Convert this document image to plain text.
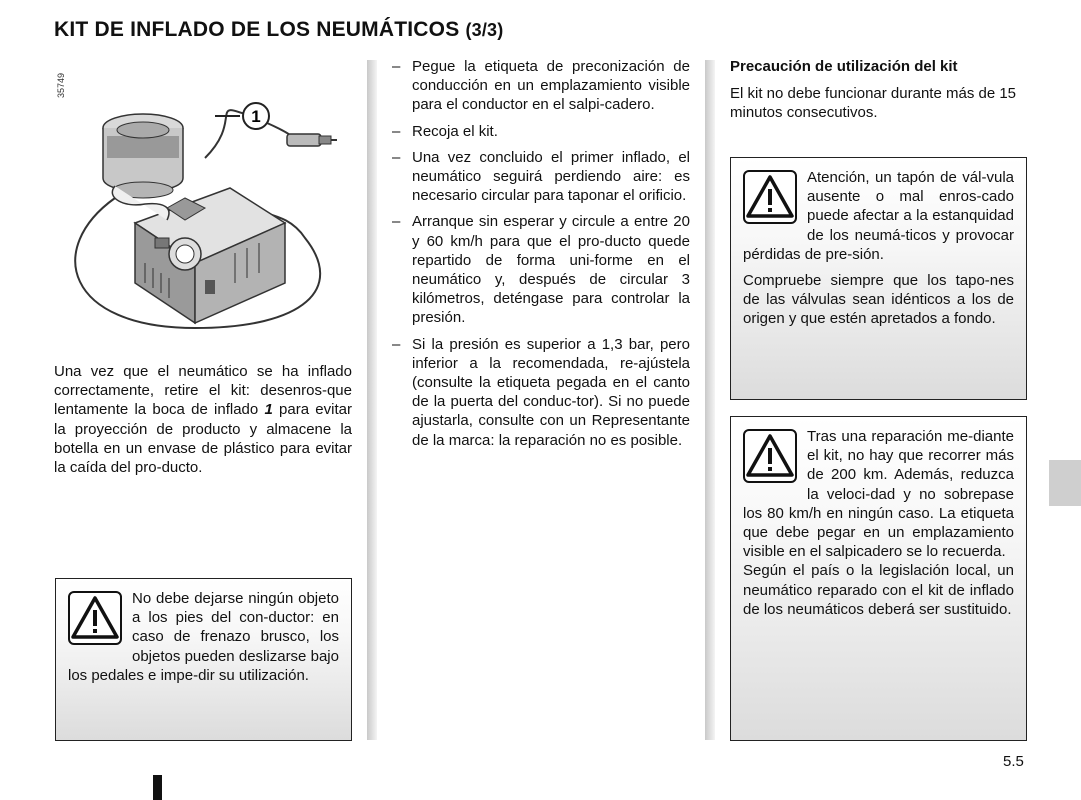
KIT DE INFLADO DE LOS NEUMÁTICOS (3/3)
35749
1

Una vez que el neumático se ha inflado correctamente, retire el kit: desenros-que lentamente la boca de inflado 1 para evitar la proyección de producto y almacene la botella en un envase de plástico para evitar la caída del pro-ducto.

No debe dejarse ningún objeto a los pies del con-ductor: en caso de frenazo brusco, los objetos pueden deslizarse bajo los pedales e impe-dir su utilización.

– Pegue la etiqueta de preconización de conducción en un emplazamiento visible para el conductor en el salpi-cadero.
– Recoja el kit.
– Una vez concluido el primer inflado, el neumático seguirá perdiendo aire: es necesario circular para taponar el orificio.
– Arranque sin esperar y circule a entre 20 y 60 km/h para que el pro-ducto quede repartido de forma uni-forme en el neumático y, después de circular 3 kilómetros, deténgase para controlar la presión.
– Si la presión es superior a 1,3 bar, pero inferior a la recomendada, re-ajústela (consulte la etiqueta pegada en el canto de la puerta del conduc-tor). Si no puede ajustarla, consulte con un Representante de la marca: la reparación no es posible.
Precaución de utilización del kit

El kit no debe funcionar durante más de 15 minutos consecutivos.

Atención, un tapón de vál-vula ausente o mal enros-cado puede afectar a la estanquidad de los neumá-ticos y provocar pérdidas de pre-sión.

Compruebe siempre que los tapo-nes de las válvulas sean idénticos a los de origen y que estén apretados a fondo.

Tras una reparación me-diante el kit, no hay que recorrer más de 200 km. Además, reduzca la veloci-dad y no sobrepase los 80 km/h en ningún caso. La etiqueta que debe pegar en un emplazamiento visible en el salpicadero se lo recuerda.

Según el país o la legislación local, un neumático reparado con el kit de inflado de los neumáticos deberá ser sustituido.

5.5
